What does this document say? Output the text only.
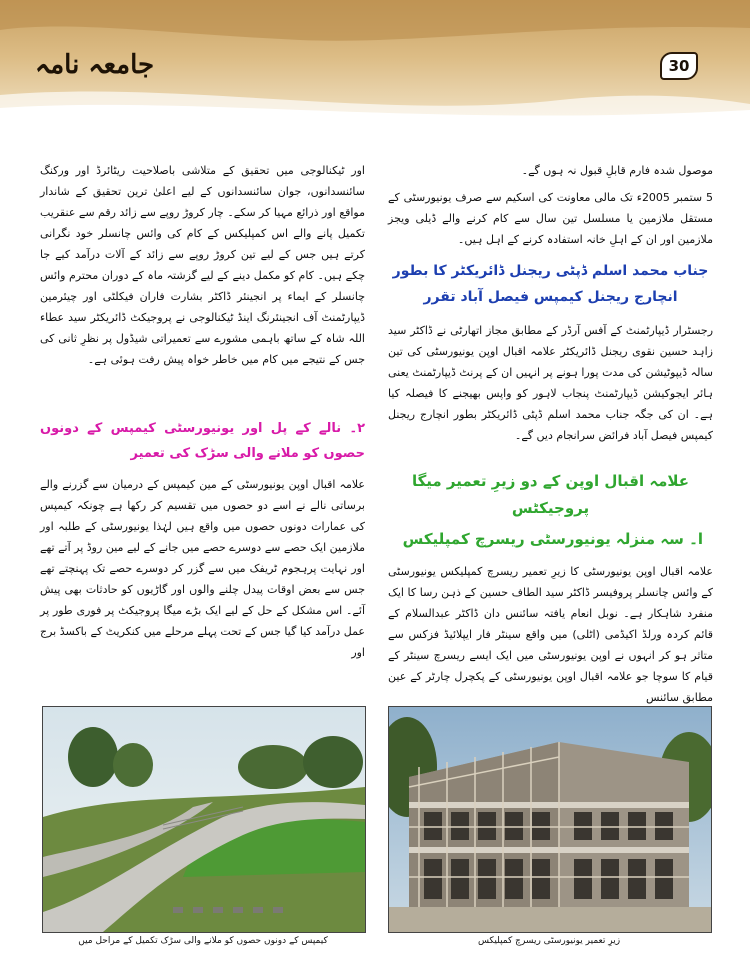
جامعہ نامہ	30

موصول شدہ فارم قابلِ قبول نہ ہوں گے۔

5 ستمبر 2005ء تک مالی معاونت کی اسکیم سے صرف یونیورسٹی کے مستقل ملازمین یا مسلسل تین سال سے کام کرنے والے ڈیلی ویجز ملازمین اور ان کے اہلِ خانہ استفادہ کرنے کے اہل ہیں۔

جناب محمد اسلم ڈپٹی ریجنل ڈائریکٹر کا بطور انچارج ریجنل کیمپس فیصل آباد تقرر

رجسٹرار ڈیپارٹمنٹ کے آفس آرڈر کے مطابق مجاز اتھارٹی نے ڈاکٹر سید زاہد حسین نقوی ریجنل ڈائریکٹر علامہ اقبال اوپن یونیورسٹی کی تین سالہ ڈیپوٹیشن کی مدت پورا ہونے پر انہیں ان کے پرنٹ ڈیپارٹمنٹ یعنی ہائر ایجوکیشن ڈیپارٹمنٹ پنجاب لاہور کو واپس بھیجنے کا فیصلہ کیا ہے۔ ان کی جگہ جناب محمد اسلم ڈپٹی ڈائریکٹر بطور انچارج ریجنل کیمپس فیصل آباد فرائض سرانجام دیں گے۔

علامہ اقبال اوپن کے دو زیرِ تعمیر میگا پروجیکٹس

ا۔ سہ منزلہ یونیورسٹی ریسرچ کمپلیکس

علامہ اقبال اوپن یونیورسٹی کا زیرِ تعمیر ریسرچ کمپلیکس یونیورسٹی کے وائس چانسلر پروفیسر ڈاکٹر سید الطاف حسین کے ذہن رسا کا ایک منفرد شاہکار ہے۔ نوبل انعام یافتہ سائنس دان ڈاکٹر عبدالسلام کے قائم کردہ ورلڈ اکیڈمی (اٹلی) میں واقع سینٹر فار ایپلائیڈ فزکس سے متاثر ہو کر انہوں نے اوپن یونیورسٹی میں ایک ایسے ریسرچ سینٹر کے قیام کا سوچا جو علامہ اقبال اوپن یونیورسٹی کے پکچرل چارٹر کے عین مطابق سائنس

اور ٹیکنالوجی میں تحقیق کے متلاشی باصلاحیت ریٹائرڈ اور ورکنگ سائنسدانوں، جوان سائنسدانوں کے لیے اعلیٰ ترین تحقیق کے شاندار مواقع اور ذرائع مہیا کر سکے۔ چار کروڑ روپے سے زائد رقم سے عنقریب تکمیل پانے والے اس کمپلیکس کے کام کی وائس چانسلر خود نگرانی کرتے ہیں جس کے لیے تین کروڑ روپے سے زائد کے آلات درآمد کیے جا چکے ہیں۔ کام کو مکمل دینے کے لیے گزشتہ ماہ کے دوران محترم وائس چانسلر کے ایماء پر انجینئر ڈاکٹر بشارت فاران فیکلٹی اور چیئرمین ڈیپارٹمنٹ آف انجینئرنگ اینڈ ٹیکنالوجی نے پروجیکٹ ڈائریکٹر سید عطاء اللہ شاہ کے ساتھ باہمی مشورے سے تعمیراتی شیڈول پر نظرِ ثانی کی جس کے نتیجے میں کام میں خاطر خواہ پیش رفت ہوئی ہے۔

۲۔ نالے کے پل اور یونیورسٹی کیمپس کے دونوں حصوں کو ملانے والی سڑک کی تعمیر

علامہ اقبال اوپن یونیورسٹی کے مین کیمپس کے درمیان سے گزرنے والے برساتی نالے نے اسے دو حصوں میں تقسیم کر رکھا ہے چونکہ کیمپس کی عمارات دونوں حصوں میں واقع ہیں لہٰذا یونیورسٹی کے طلبہ اور ملازمین ایک حصے سے دوسرے حصے میں جانے کے لیے مین روڈ پر آتے تھے اور نہایت پرہجوم ٹریفک میں سے گزر کر دوسرے حصے تک پہنچتے تھے جس سے بعض اوقات پیدل چلنے والوں اور گاڑیوں کو حادثات بھی پیش آئے۔ اس مشکل کے حل کے لیے ایک بڑے میگا پروجیکٹ پر فوری طور پر عمل درآمد کیا گیا جس کے تحت پہلے مرحلے میں کنکریٹ کے باکسڈ برج اور

زیرِ تعمیر یونیورسٹی ریسرچ کمپلیکس
کیمپس کے دونوں حصوں کو ملانے والی سڑک تکمیل کے مراحل میں
